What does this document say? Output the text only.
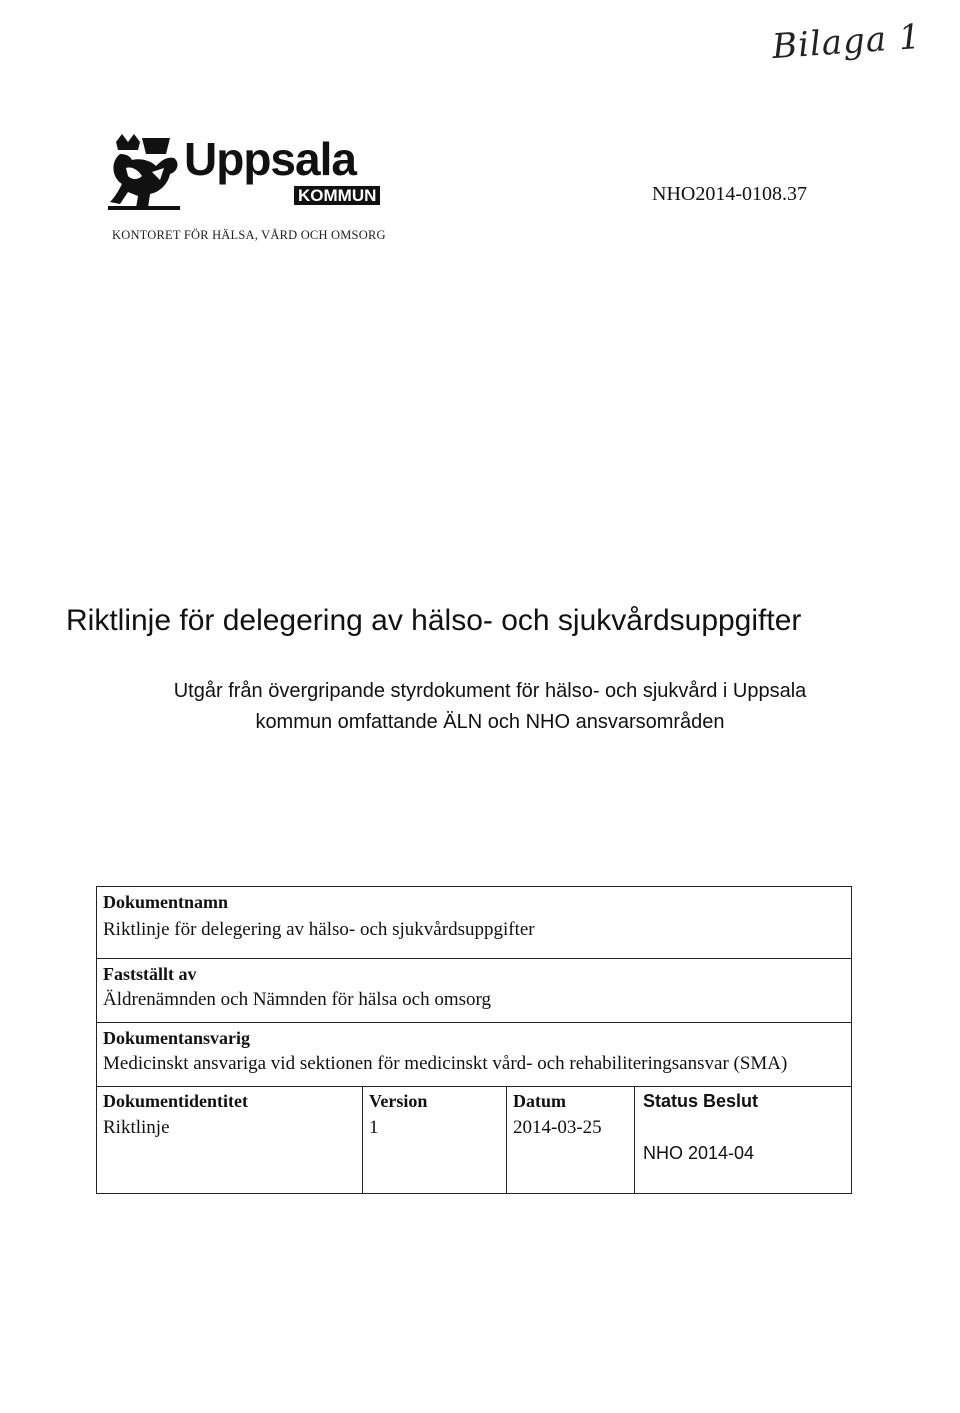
Bilaga 1
Uppsala
KOMMUN
KONTORET FÖR HÄLSA, VÅRD OCH OMSORG
NHO2014-0108.37
Riktlinje för delegering av hälso- och sjukvårdsuppgifter
Utgår från övergripande styrdokument för hälso- och sjukvård i Uppsala
kommun omfattande ÄLN och NHO ansvarsområden
Dokumentnamn
Riktlinje för delegering av hälso- och sjukvårdsuppgifter
Fastställt av
Äldrenämnden och Nämnden för hälsa och omsorg
Dokumentansvarig
Medicinskt ansvariga vid sektionen för medicinskt vård- och rehabiliteringsansvar (SMA)
Dokumentidentitet
Riktlinje
Version
1
Datum
2014-03-25
Status Beslut
NHO 2014-04
